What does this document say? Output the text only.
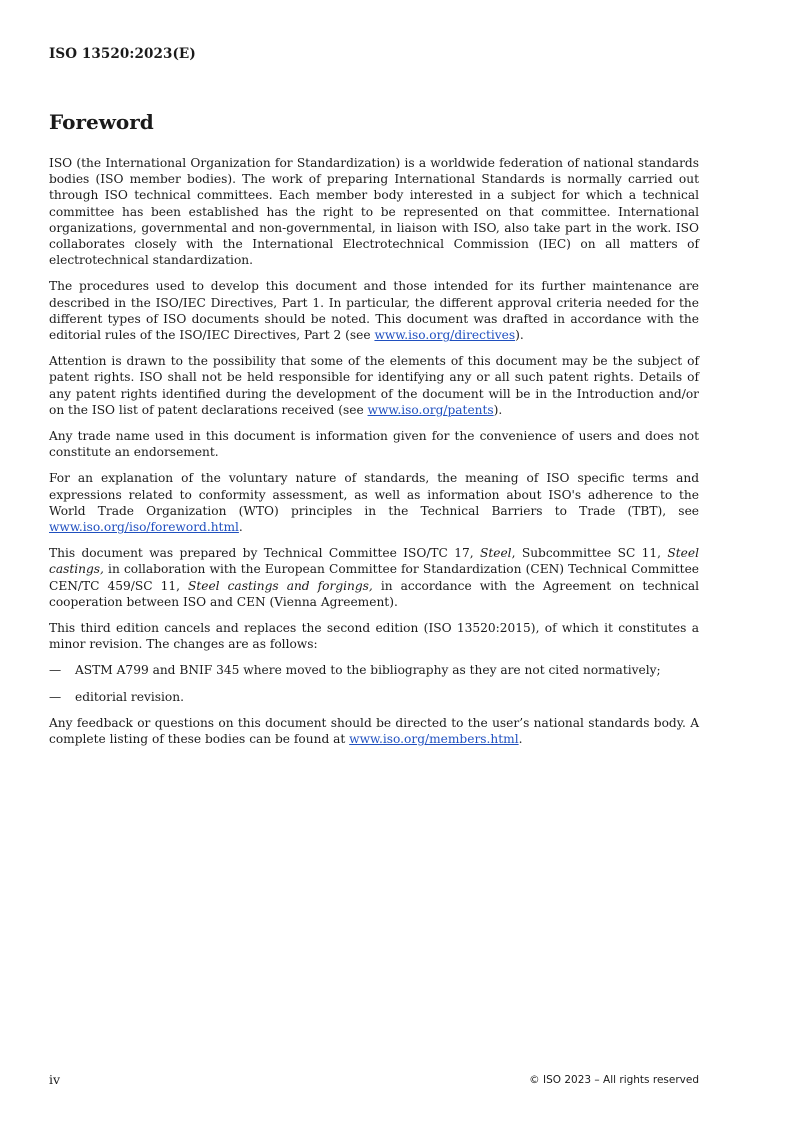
ISO 13520:2023(E)
Foreword

ISO (the International Organization for Standardization) is a worldwide federation of national standards bodies (ISO member bodies). The work of preparing International Standards is normally carried out through ISO technical committees. Each member body interested in a subject for which a technical committee has been established has the right to be represented on that committee. International organizations, governmental and non-governmental, in liaison with ISO, also take part in the work. ISO collaborates closely with the International Electrotechnical Commission (IEC) on all matters of electrotechnical standardization.

The procedures used to develop this document and those intended for its further maintenance are described in the ISO/IEC Directives, Part 1. In particular, the different approval criteria needed for the different types of ISO documents should be noted. This document was drafted in accordance with the editorial rules of the ISO/IEC Directives, Part 2 (see www.iso.org/directives).

Attention is drawn to the possibility that some of the elements of this document may be the subject of patent rights. ISO shall not be held responsible for identifying any or all such patent rights. Details of any patent rights identified during the development of the document will be in the Introduction and/or on the ISO list of patent declarations received (see www.iso.org/patents).

Any trade name used in this document is information given for the convenience of users and does not constitute an endorsement.

For an explanation of the voluntary nature of standards, the meaning of ISO specific terms and expressions related to conformity assessment, as well as information about ISO's adherence to the World Trade Organization (WTO) principles in the Technical Barriers to Trade (TBT), see www.iso.org/iso/foreword.html.

This document was prepared by Technical Committee ISO/TC 17, Steel, Subcommittee SC 11, Steel castings, in collaboration with the European Committee for Standardization (CEN) Technical Committee CEN/TC 459/SC 11, Steel castings and forgings, in accordance with the Agreement on technical cooperation between ISO and CEN (Vienna Agreement).

This third edition cancels and replaces the second edition (ISO 13520:2015), of which it constitutes a minor revision. The changes are as follows:

—	ASTM A799 and BNIF 345 where moved to the bibliography as they are not cited normatively;
—	editorial revision.

Any feedback or questions on this document should be directed to the user’s national standards body. A complete listing of these bodies can be found at www.iso.org/members.html.

iv	© ISO 2023 – All rights reserved
